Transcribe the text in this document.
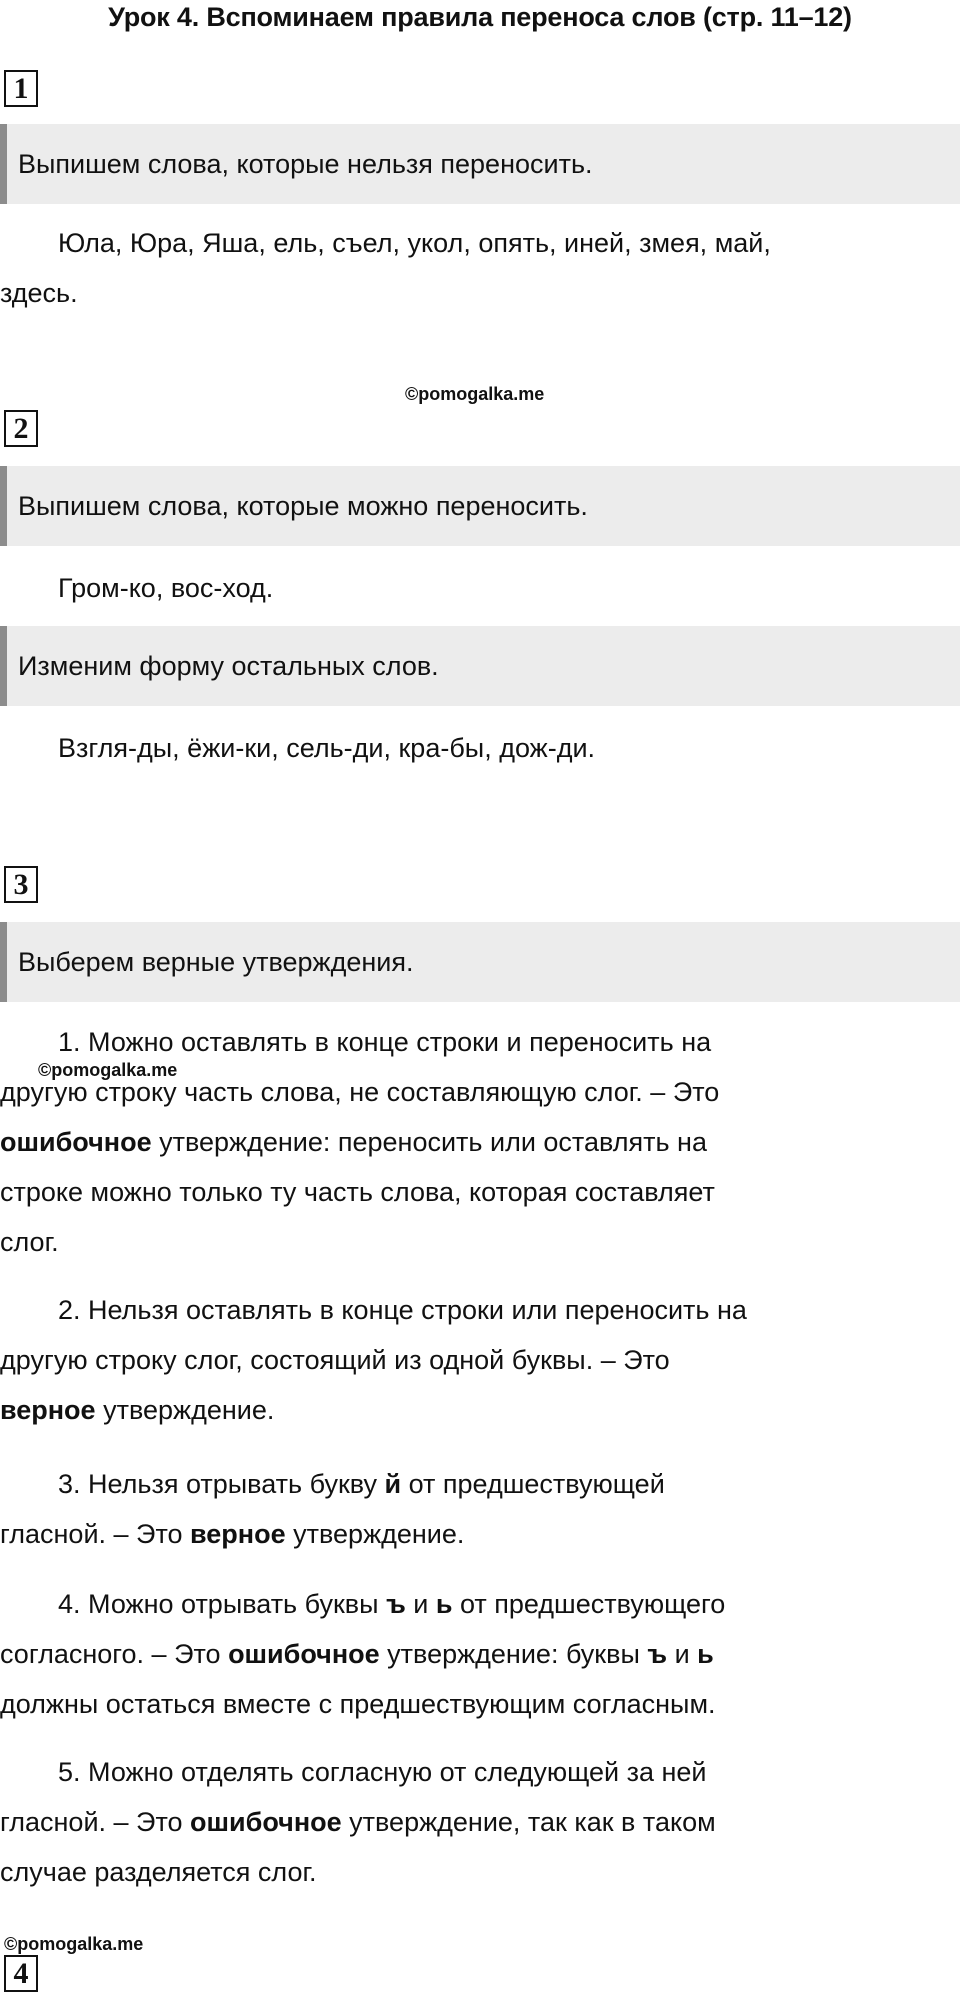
Урок 4. Вспоминаем правила переноса слов (стр. 11–12)
1
Выпишем слова, которые нельзя переносить.
Юла, Юра, Яша, ель, съел, укол, опять, иней, змея, май,
здесь.
©pomogalka.me
2
Выпишем слова, которые можно переносить.
Гром-ко, вос-ход.
Изменим форму остальных слов.
Взгля-ды, ёжи-ки, сель-ди, кра-бы, дож-ди.
3
Выберем верные утверждения.
1. Можно оставлять в конце строки и переносить на
©pomogalka.me
другую строку часть слова, не составляющую слог. – Это
ошибочное утверждение: переносить или оставлять на
строке можно только ту часть слова, которая составляет
слог.
2. Нельзя оставлять в конце строки или переносить на
другую строку слог, состоящий из одной буквы. – Это
верное утверждение.
3. Нельзя отрывать букву й от предшествующей
гласной. – Это верное утверждение.
4. Можно отрывать буквы ъ и ь от предшествующего
согласного. – Это ошибочное утверждение: буквы ъ и ь
должны остаться вместе с предшествующим согласным.
5. Можно отделять согласную от следующей за ней
гласной. – Это ошибочное утверждение, так как в таком
случае разделяется слог.
©pomogalka.me
4
